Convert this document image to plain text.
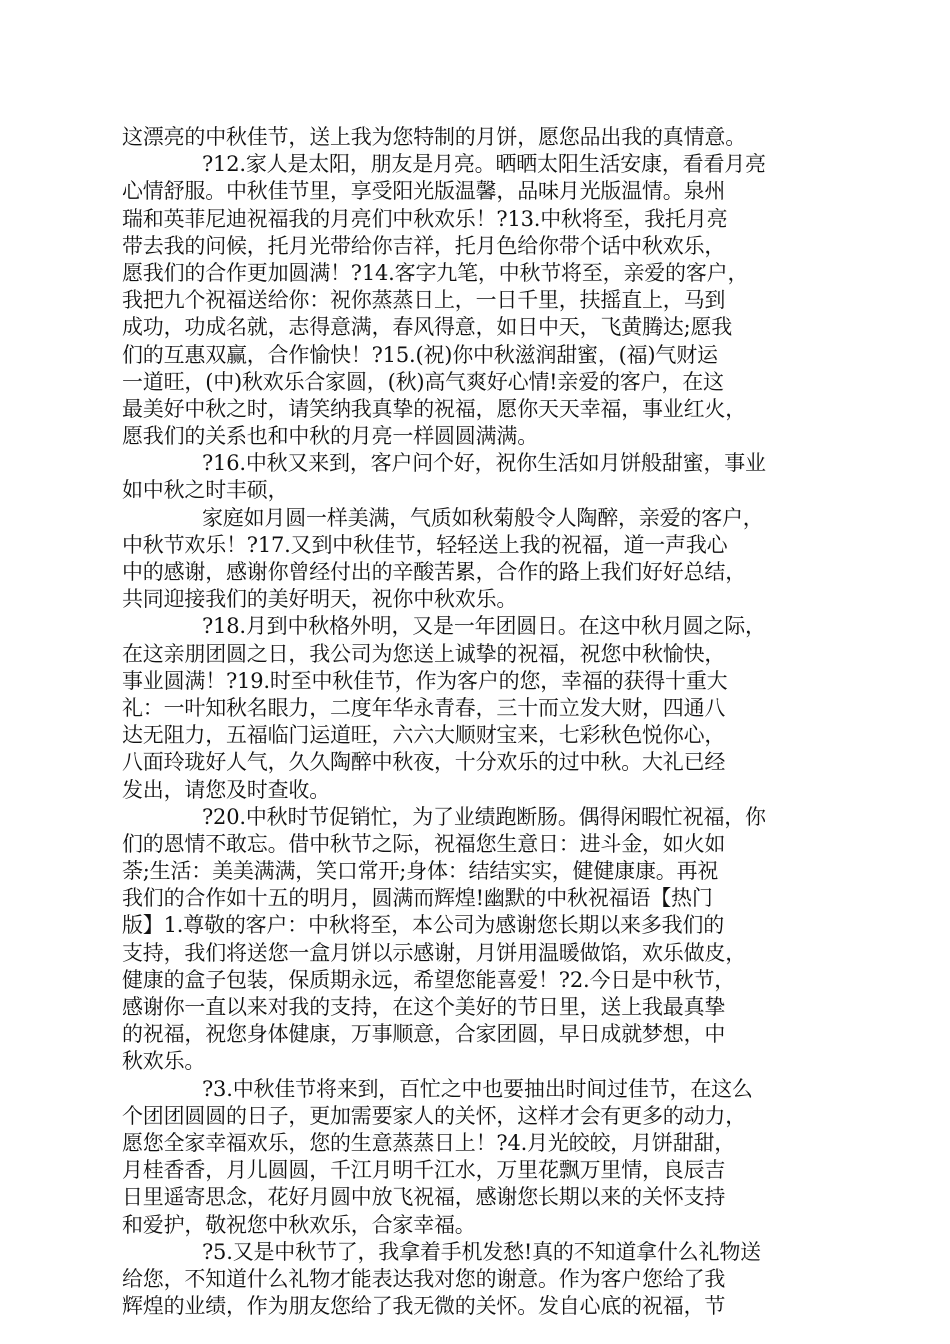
这漂亮的中秋佳节，送上我为您特制的月饼，愿您品出我的真情意。
?12.家人是太阳，朋友是月亮。晒晒太阳生活安康，看看月亮
心情舒服。中秋佳节里，享受阳光版温馨，品味月光版温情。泉州
瑞和英菲尼迪祝福我的月亮们中秋欢乐！?13.中秋将至，我托月亮
带去我的问候，托月光带给你吉祥，托月色给你带个话中秋欢乐，
愿我们的合作更加圆满！?14.客字九笔，中秋节将至，亲爱的客户，
我把九个祝福送给你：祝你蒸蒸日上，一日千里，扶摇直上，马到
成功，功成名就，志得意满，春风得意，如日中天，飞黄腾达;愿我
们的互惠双赢，合作愉快！?15.(祝)你中秋滋润甜蜜，(福)气财运
一道旺，(中)秋欢乐合家圆，(秋)高气爽好心情!亲爱的客户，在这
最美好中秋之时，请笑纳我真挚的祝福，愿你天天幸福，事业红火，
愿我们的关系也和中秋的月亮一样圆圆满满。
?16.中秋又来到，客户问个好，祝你生活如月饼般甜蜜，事业
如中秋之时丰硕，
家庭如月圆一样美满，气质如秋菊般令人陶醉，亲爱的客户，
中秋节欢乐！?17.又到中秋佳节，轻轻送上我的祝福，道一声我心
中的感谢，感谢你曾经付出的辛酸苦累，合作的路上我们好好总结，
共同迎接我们的美好明天，祝你中秋欢乐。
?18.月到中秋格外明，又是一年团圆日。在这中秋月圆之际，
在这亲朋团圆之日，我公司为您送上诚挚的祝福，祝您中秋愉快，
事业圆满！?19.时至中秋佳节，作为客户的您，幸福的获得十重大
礼：一叶知秋名眼力，二度年华永青春，三十而立发大财，四通八
达无阻力，五福临门运道旺，六六大顺财宝来，七彩秋色悦你心，
八面玲珑好人气，久久陶醉中秋夜，十分欢乐的过中秋。大礼已经
发出，请您及时查收。
?20.中秋时节促销忙，为了业绩跑断肠。偶得闲暇忙祝福，你
们的恩情不敢忘。借中秋节之际，祝福您生意日：进斗金，如火如
荼;生活：美美满满，笑口常开;身体：结结实实，健健康康。再祝
我们的合作如十五的明月，圆满而辉煌!幽默的中秋祝福语【热门
版】1.尊敬的客户：中秋将至，本公司为感谢您长期以来多我们的
支持，我们将送您一盒月饼以示感谢，月饼用温暖做馅，欢乐做皮，
健康的盒子包装，保质期永远，希望您能喜爱！?2.今日是中秋节，
感谢你一直以来对我的支持，在这个美好的节日里，送上我最真挚
的祝福，祝您身体健康，万事顺意，合家团圆，早日成就梦想，中
秋欢乐。
?3.中秋佳节将来到，百忙之中也要抽出时间过佳节，在这么
个团团圆圆的日子，更加需要家人的关怀，这样才会有更多的动力，
愿您全家幸福欢乐，您的生意蒸蒸日上！?4.月光皎皎，月饼甜甜，
月桂香香，月儿圆圆，千江月明千江水，万里花飘万里情，良辰吉
日里遥寄思念，花好月圆中放飞祝福，感谢您长期以来的关怀支持
和爱护，敬祝您中秋欢乐，合家幸福。
?5.又是中秋节了，我拿着手机发愁!真的不知道拿什么礼物送
给您，不知道什么礼物才能表达我对您的谢意。作为客户您给了我
辉煌的业绩，作为朋友您给了我无微的关怀。发自心底的祝福，节
